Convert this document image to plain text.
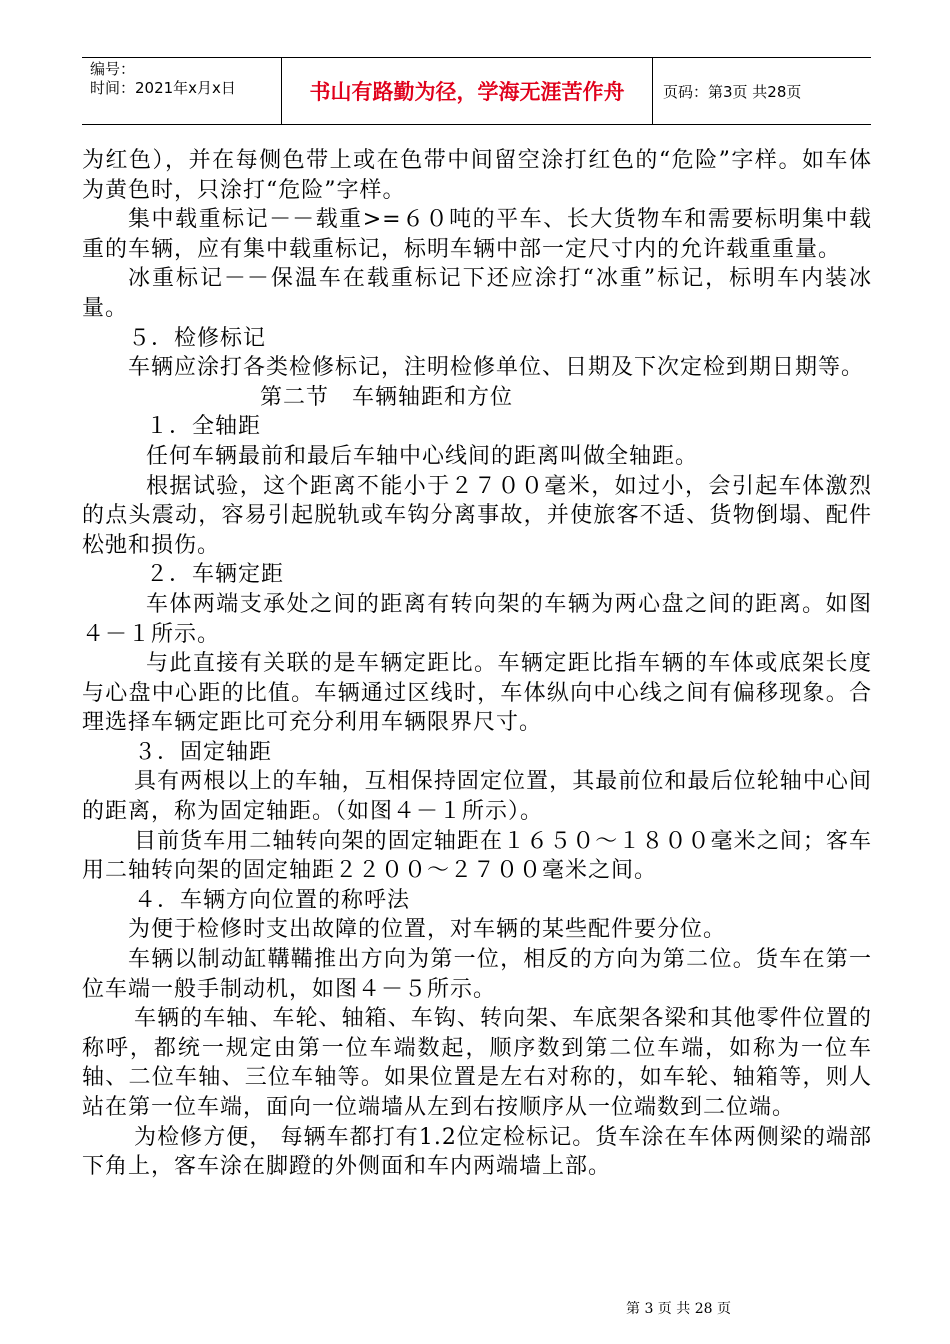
编号：
时间：2021年x月x日	书山有路勤为径，学海无涯苦作舟	页码：第3页 共28页

为红色），并在每侧色带上或在色带中间留空涂打红色的“危险”字样。如车体为黄色时，只涂打“危险”字样。

集中载重标记－－载重>=６０吨的平车、长大货物车和需要标明集中载重的车辆，应有集中载重标记，标明车辆中部一定尺寸内的允许载重重量。

冰重标记－－保温车在载重标记下还应涂打“冰重”标记，标明车内装冰量。

５．检修标记

车辆应涂打各类检修标记，注明检修单位、日期及下次定检到期日期等。

第二节　车辆轴距和方位

１．全轴距

任何车辆最前和最后车轴中心线间的距离叫做全轴距。

根据试验，这个距离不能小于２７００毫米，如过小，会引起车体激烈的点头震动，容易引起脱轨或车钩分离事故，并使旅客不适、货物倒塌、配件松弛和损伤。

２．车辆定距

车体两端支承处之间的距离有转向架的车辆为两心盘之间的距离。如图４－１所示。

与此直接有关联的是车辆定距比。车辆定距比指车辆的车体或底架长度与心盘中心距的比值。车辆通过区线时，车体纵向中心线之间有偏移现象。合理选择车辆定距比可充分利用车辆限界尺寸。

３．固定轴距

具有两根以上的车轴，互相保持固定位置，其最前位和最后位轮轴中心间的距离，称为固定轴距。（如图４－１所示）。

目前货车用二轴转向架的固定轴距在１６５０～１８００毫米之间；客车用二轴转向架的固定轴距２２００～２７００毫米之间。

４．车辆方向位置的称呼法

为便于检修时支出故障的位置，对车辆的某些配件要分位。

车辆以制动缸鞲鞴推出方向为第一位，相反的方向为第二位。货车在第一位车端一般手制动机，如图４－５所示。

车辆的车轴、车轮、轴箱、车钩、转向架、车底架各梁和其他零件位置的称呼，都统一规定由第一位车端数起，顺序数到第二位车端，如称为一位车轴、二位车轴、三位车轴等。如果位置是左右对称的，如车轮、轴箱等，则人站在第一位车端，面向一位端墙从左到右按顺序从一位端数到二位端。

为检修方便， 每辆车都打有1.2位定检标记。货车涂在车体两侧梁的端部下角上，客车涂在脚蹬的外侧面和车内两端墙上部。

第 3 页 共 28 页
